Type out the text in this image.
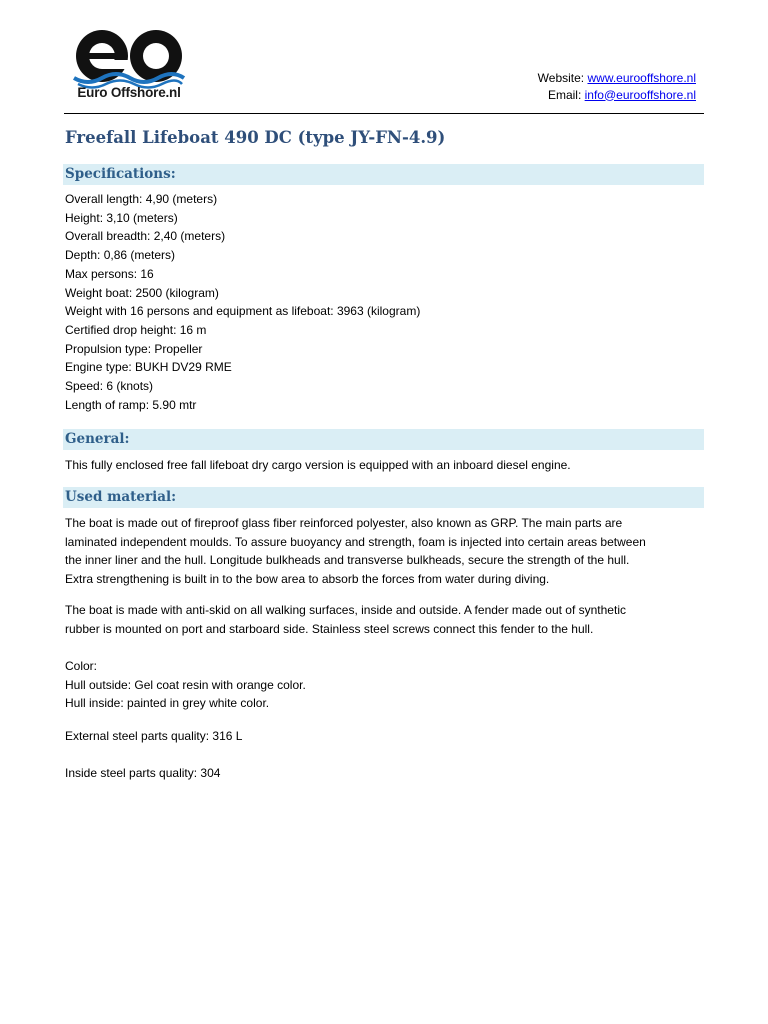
Euro Offshore.nl
Website: www.eurooffshore.nl
Email: info@eurooffshore.nl
Freefall Lifeboat 490 DC (type JY-FN-4.9)
Specifications:
Overall length: 4,90 (meters)
Height: 3,10 (meters)
Overall breadth: 2,40 (meters)
Depth: 0,86 (meters)
Max persons: 16
Weight boat: 2500 (kilogram)
Weight with 16 persons and equipment as lifeboat: 3963 (kilogram)
Certified drop height: 16 m
Propulsion type: Propeller
Engine type: BUKH DV29 RME
Speed: 6 (knots)
Length of ramp: 5.90 mtr
General:

This fully enclosed free fall lifeboat dry cargo version is equipped with an inboard diesel engine.

Used material:
The boat is made out of fireproof glass fiber reinforced polyester, also known as GRP. The main parts are
laminated independent moulds. To assure buoyancy and strength, foam is injected into certain areas between
the inner liner and the hull. Longitude bulkheads and transverse bulkheads, secure the strength of the hull.
Extra strengthening is built in to the bow area to absorb the forces from water during diving.
The boat is made with anti-skid on all walking surfaces, inside and outside. A fender made out of synthetic
rubber is mounted on port and starboard side. Stainless steel screws connect this fender to the hull.
Color:
Hull outside: Gel coat resin with orange color.
Hull inside: painted in grey white color.

External steel parts quality: 316 L

Inside steel parts quality: 304
